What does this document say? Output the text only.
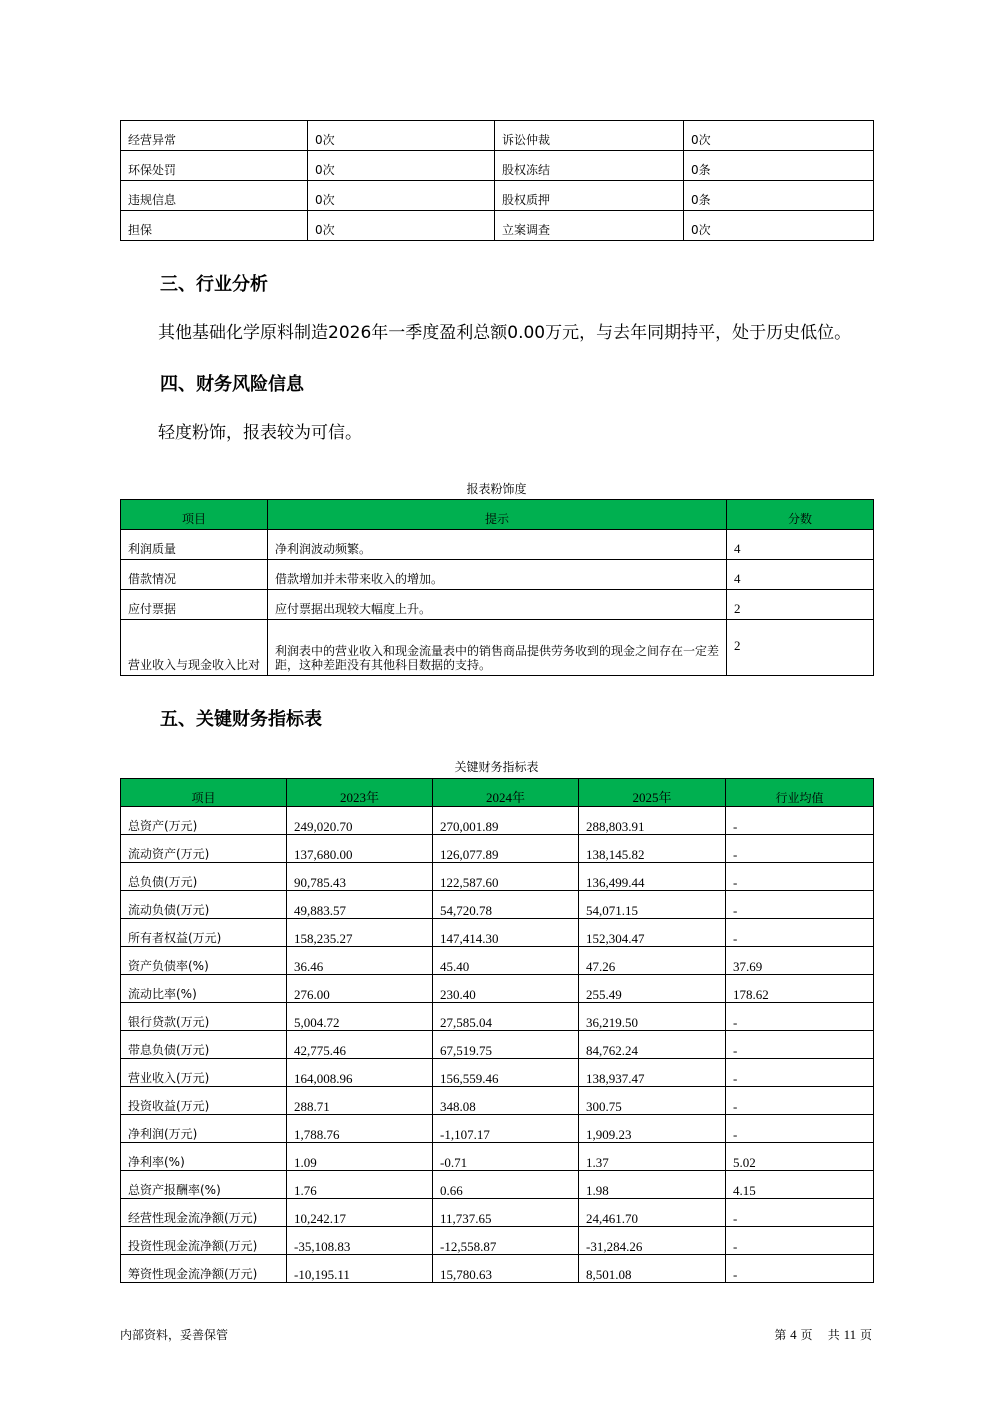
经营异常	0次	诉讼仲裁	0次
环保处罚	0次	股权冻结	0条
违规信息	0次	股权质押	0条
担保	0次	立案调查	0次
三、行业分析

其他基础化学原料制造2026年一季度盈利总额0.00万元，与去年同期持平，处于历史低位。

四、财务风险信息

轻度粉饰，报表较为可信。

报表粉饰度
项目	提示	分数
利润质量	净利润波动频繁。	4
借款情况	借款增加并未带来收入的增加。	4
应付票据	应付票据出现较大幅度上升。	2
营业收入与现金收入比对	利润表中的营业收入和现金流量表中的销售商品提供劳务收到的现金之间存在一定差距，这种差距没有其他科目数据的支持。	2
五、关键财务指标表
关键财务指标表
项目	2023年	2024年	2025年	行业均值
总资产(万元)	249,020.70	270,001.89	288,803.91	-
流动资产(万元)	137,680.00	126,077.89	138,145.82	-
总负债(万元)	90,785.43	122,587.60	136,499.44	-
流动负债(万元)	49,883.57	54,720.78	54,071.15	-
所有者权益(万元)	158,235.27	147,414.30	152,304.47	-
资产负债率(%)	36.46	45.40	47.26	37.69
流动比率(%)	276.00	230.40	255.49	178.62
银行贷款(万元)	5,004.72	27,585.04	36,219.50	-
带息负债(万元)	42,775.46	67,519.75	84,762.24	-
营业收入(万元)	164,008.96	156,559.46	138,937.47	-
投资收益(万元)	288.71	348.08	300.75	-
净利润(万元)	1,788.76	-1,107.17	1,909.23	-
净利率(%)	1.09	-0.71	1.37	5.02
总资产报酬率(%)	1.76	0.66	1.98	4.15
经营性现金流净额(万元)	10,242.17	11,737.65	24,461.70	-
投资性现金流净额(万元)	-35,108.83	-12,558.87	-31,284.26	-
筹资性现金流净额(万元)	-10,195.11	15,780.63	8,501.08	-
内部资料，妥善保管	第 4 页 共 11 页
